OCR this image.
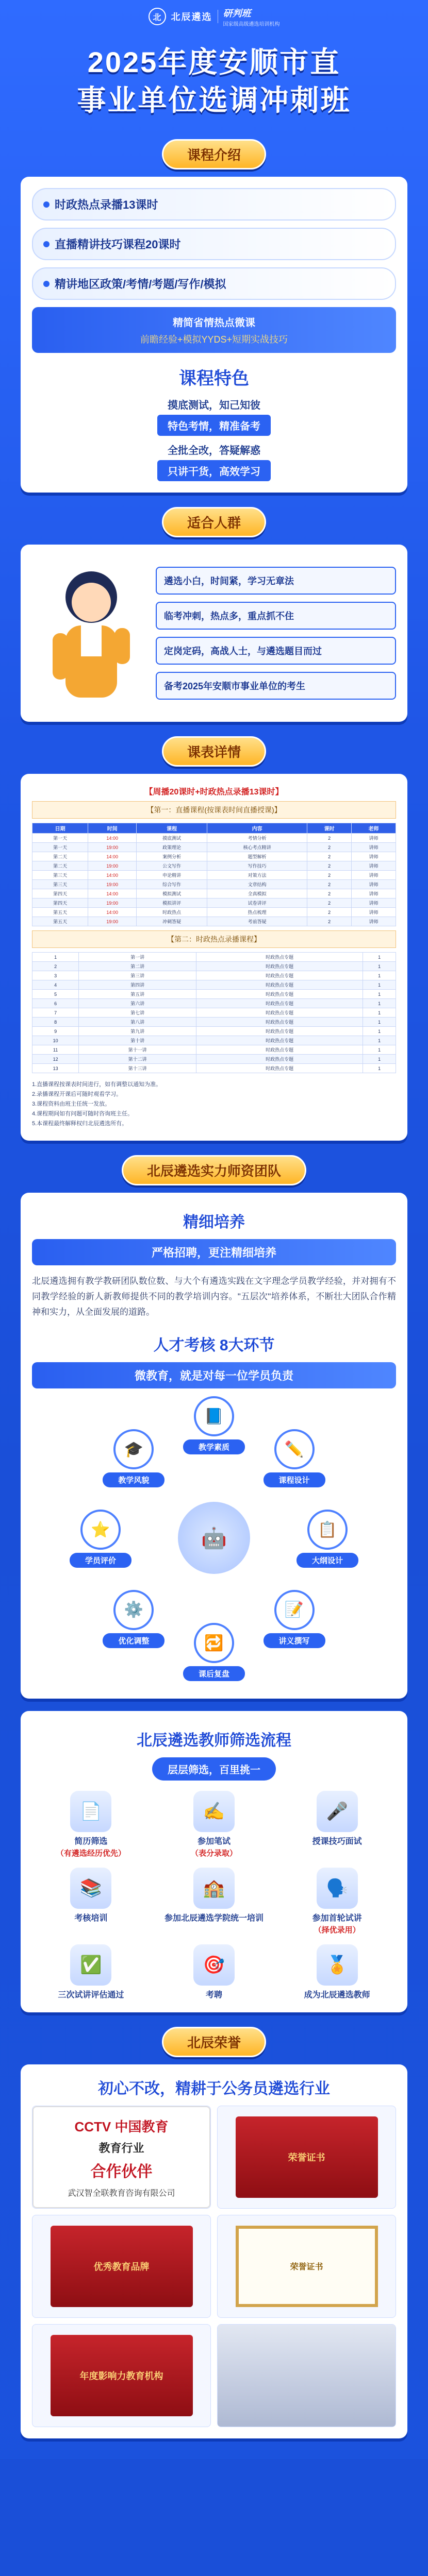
北	北辰遴选 研判班
国家级高级遴选培训机构
2025年度安顺市直
事业单位选调冲刺班
课程介绍
时政热点录播13课时
直播精讲技巧课程20课时
精讲地区政策/考情/考题/写作/模拟
精简省情热点微课
前瞻经验+模拟YYDS+短期实战技巧
课程特色
摸底测试，知己知彼
特色考情，精准备考
全批全改，答疑解惑
只讲干货，高效学习
适合人群
遴选小白，时间紧，学习无章法
临考冲刺，热点多，重点抓不住
定岗定码，高战人士，与遴选题目而过
备考2025年安顺市事业单位的考生
课表详情
【周播20课时+时政热点录播13课时】
【第一：直播课程(按课表时间直播授课)】
日期	时间	课程	内容	课时	老师
第一天	14:00	摸底测试	考情分析	2	讲师
第一天	19:00	政策理论	核心考点精讲	2	讲师
第二天	14:00	案例分析	题型解析	2	讲师
第二天	19:00	公文写作	写作技巧	2	讲师
第三天	14:00	申论精讲	对策方法	2	讲师
第三天	19:00	综合写作	文章结构	2	讲师
第四天	14:00	模拟测试	全真模拟	2	讲师
第四天	19:00	模拟讲评	试卷讲评	2	讲师
第五天	14:00	时政热点	热点梳理	2	讲师
第五天	19:00	冲刺答疑	考前答疑	2	讲师
【第二：时政热点录播课程】
1	第一讲	时政热点专题	1
2	第二讲	时政热点专题	1
3	第三讲	时政热点专题	1
4	第四讲	时政热点专题	1
5	第五讲	时政热点专题	1
6	第六讲	时政热点专题	1
7	第七讲	时政热点专题	1
8	第八讲	时政热点专题	1
9	第九讲	时政热点专题	1
10	第十讲	时政热点专题	1
11	第十一讲	时政热点专题	1
12	第十二讲	时政热点专题	1
13	第十三讲	时政热点专题	1

1.直播课程按课表时间进行，如有调整以通知为准。

2.录播课程开课后可随时观看学习。

3.课程资料由班主任统一发放。

4.课程期间如有问题可随时咨询班主任。

5.本课程最终解释权归北辰遴选所有。

北辰遴选实力师资团队
精细培养
严格招聘，更注精细培养

北辰遴选拥有教学教研团队数位数、与大个有遴选实践在文字理念学员教学经验，并对拥有不同教学经验的新人新教师提供不同的教学培训内容。"五层次"培养体系，不断壮大团队合作精神和实力，从全面发展的道路。

人才考核 8大环节
微教育，就是对每一位学员负责
🤖
📘
教学素质	✏️
课程设计
📋
大纲设计
📝
讲义撰写
🔁
课后复盘
⚙️
优化调整
⭐
学员评价
🎓
教学风貌
北辰遴选教师筛选流程
层层筛选，百里挑一
📄
简历筛选
（有遴选经历优先）
✍️
参加笔试
（表分录取）
🎤
授课技巧面试
📚
考核培训
🏫
参加北辰遴选学院统一培训
🗣️
参加首轮试讲
（择优录用）
✅
三次试讲评估通过
🎯
考聘
🏅
成为北辰遴选教师
北辰荣誉
初心不改，精耕于公务员遴选行业
CCTV 中国教育
教育行业
合作伙伴
武汉智全联教育咨询有限公司
荣誉证书
优秀教育品牌	荣誉证书
年度影响力教育机构
